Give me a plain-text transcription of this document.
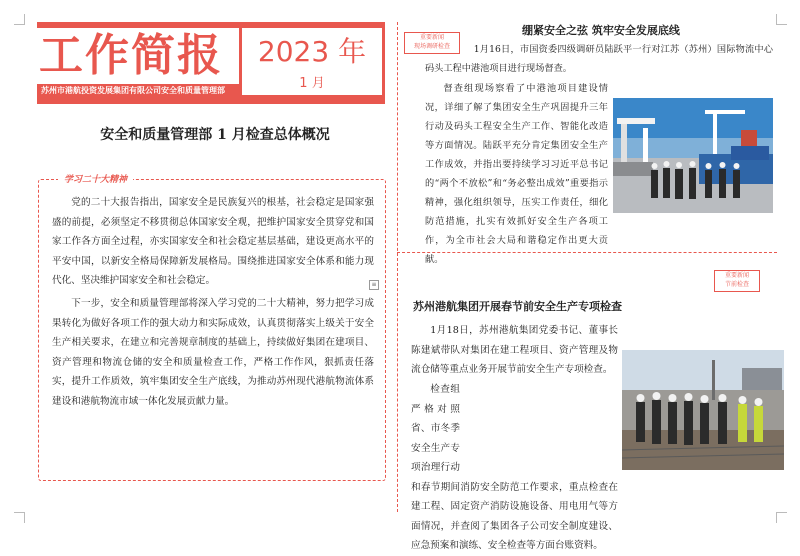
工作简报	2023 年
1 月
苏州市港航投资发展集团有限公司安全和质量管理部
安全和质量管理部 1 月检查总体概况
学习二十大精神
党的二十大报告指出，国家安全是民族复兴的根基，社会稳定是国家强盛的前提，必须坚定不移贯彻总体国家安全观，把维护国家安全贯穿党和国家工作各方面全过程，亦实国家安全和社会稳定基层基础，建设更高水平的平安中国，以新安全格局保障新发展格局。围绕推进国家安全体系和能力现代化、坚决维护国家安全和社会稳定。
下一步，安全和质量管理部将深入学习党的二十大精神，努力把学习成果转化为做好各项工作的强大动力和实际成效，认真贯彻落实上级关于安全生产相关要求，在建立和完善规章制度的基础上，持续做好集团在建项目、资产管理和物流仓储的安全和质量检查工作，严格工作作风，狠抓责任落实，提升工作质效，筑牢集团安全生产底线，为推动苏州现代港航物流体系建设和港航物流市域一体化发展贡献力量。
≡
重要新闻
现场调研检查
绷紧安全之弦 筑牢安全发展底线
1月16日，市国资委四级调研员陆跃平一行对江苏（苏州）国际物流中心码头工程中港池项目进行现场督查。
督查组现场察看了中港池项目建设情况，详细了解了集团安全生产巩固提升三年行动及码头工程安全生产工作、智能化改造等方面情况。陆跃平充分肯定集团安全生产工作成效，并指出要持续学习习近平总书记的“两个不放松”和“务必整出成效”重要指示精神，强化组织领导，压实工作责任，细化防范措施，扎实有效抓好安全生产各项工作，为全市社会大局和谐稳定作出更大贡献。
重要新闻
节前检查
苏州港航集团开展春节前安全生产专项检查
1月18日，苏州港航集团党委书记、董事长陈建斌带队对集团在建工程项目、资产管理及物流仓储等重点业务开展节前安全生产专项检查。
检查组严格对照省、市冬季安全生产专项治理行动和春节期间消防安全防范工作要求，重点检查在建工程、固定资产消防设施设备、用电用气等方面情况，并查阅了集团各子公司安全制度建设、应急预案和演练、安全检查等方面台账资料。
